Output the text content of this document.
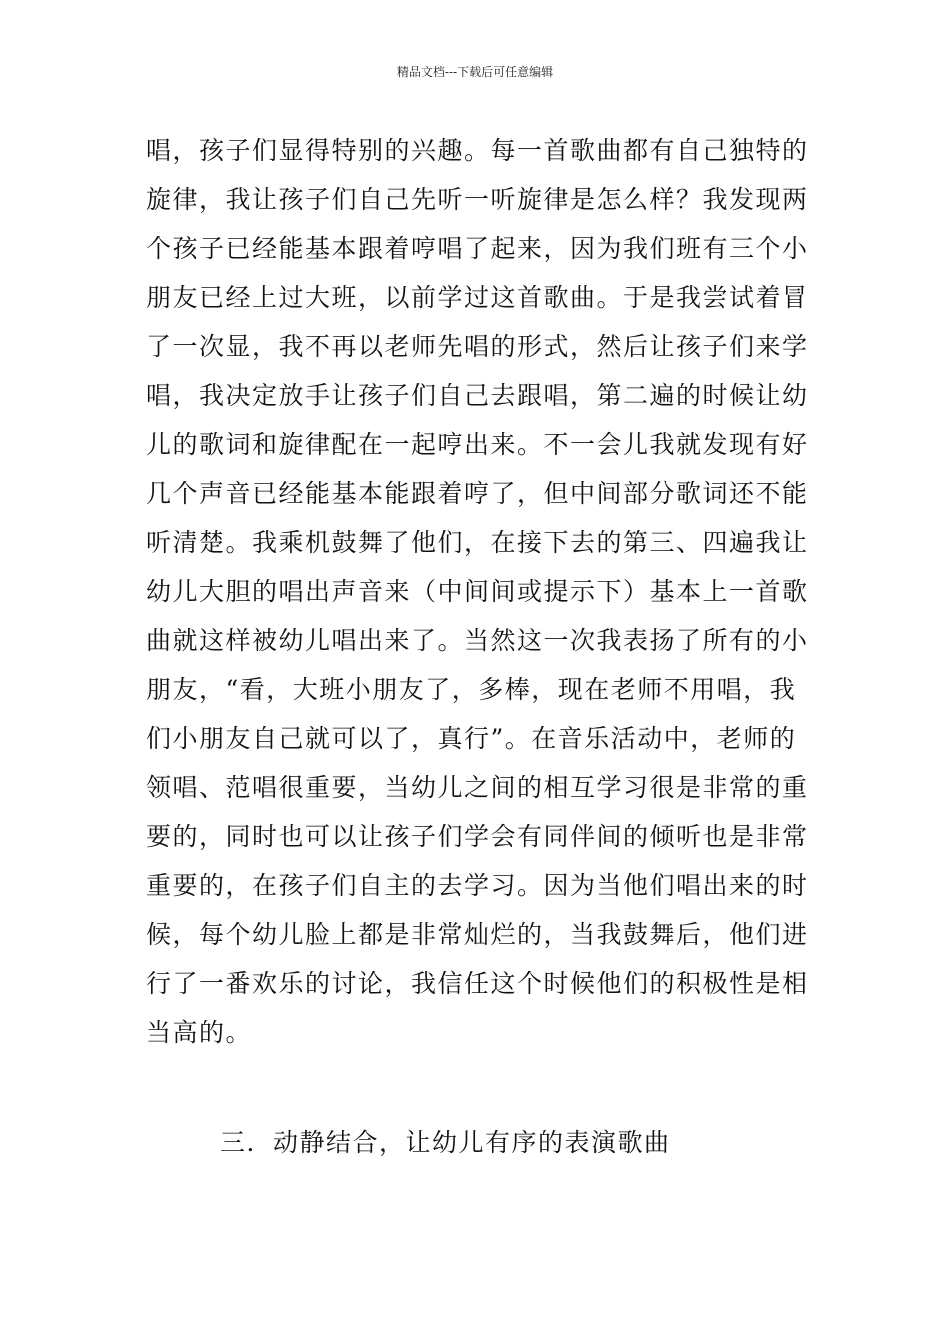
精品文档---下载后可任意编辑
唱，孩子们显得特别的兴趣。每一首歌曲都有自己独特的
旋律，我让孩子们自己先听一听旋律是怎么样？我发现两
个孩子已经能基本跟着哼唱了起来，因为我们班有三个小
朋友已经上过大班，以前学过这首歌曲。于是我尝试着冒
了一次显，我不再以老师先唱的形式，然后让孩子们来学
唱，我决定放手让孩子们自己去跟唱，第二遍的时候让幼
儿的歌词和旋律配在一起哼出来。不一会儿我就发现有好
几个声音已经能基本能跟着哼了，但中间部分歌词还不能
听清楚。我乘机鼓舞了他们，在接下去的第三、四遍我让
幼儿大胆的唱出声音来（中间间或提示下）基本上一首歌
曲就这样被幼儿唱出来了。当然这一次我表扬了所有的小
朋友，“看，大班小朋友了，多棒，现在老师不用唱，我
们小朋友自己就可以了，真行”。在音乐活动中，老师的
领唱、范唱很重要，当幼儿之间的相互学习很是非常的重
要的，同时也可以让孩子们学会有同伴间的倾听也是非常
重要的，在孩子们自主的去学习。因为当他们唱出来的时
候，每个幼儿脸上都是非常灿烂的，当我鼓舞后，他们进
行了一番欢乐的讨论，我信任这个时候他们的积极性是相
当高的。
三．动静结合，让幼儿有序的表演歌曲
